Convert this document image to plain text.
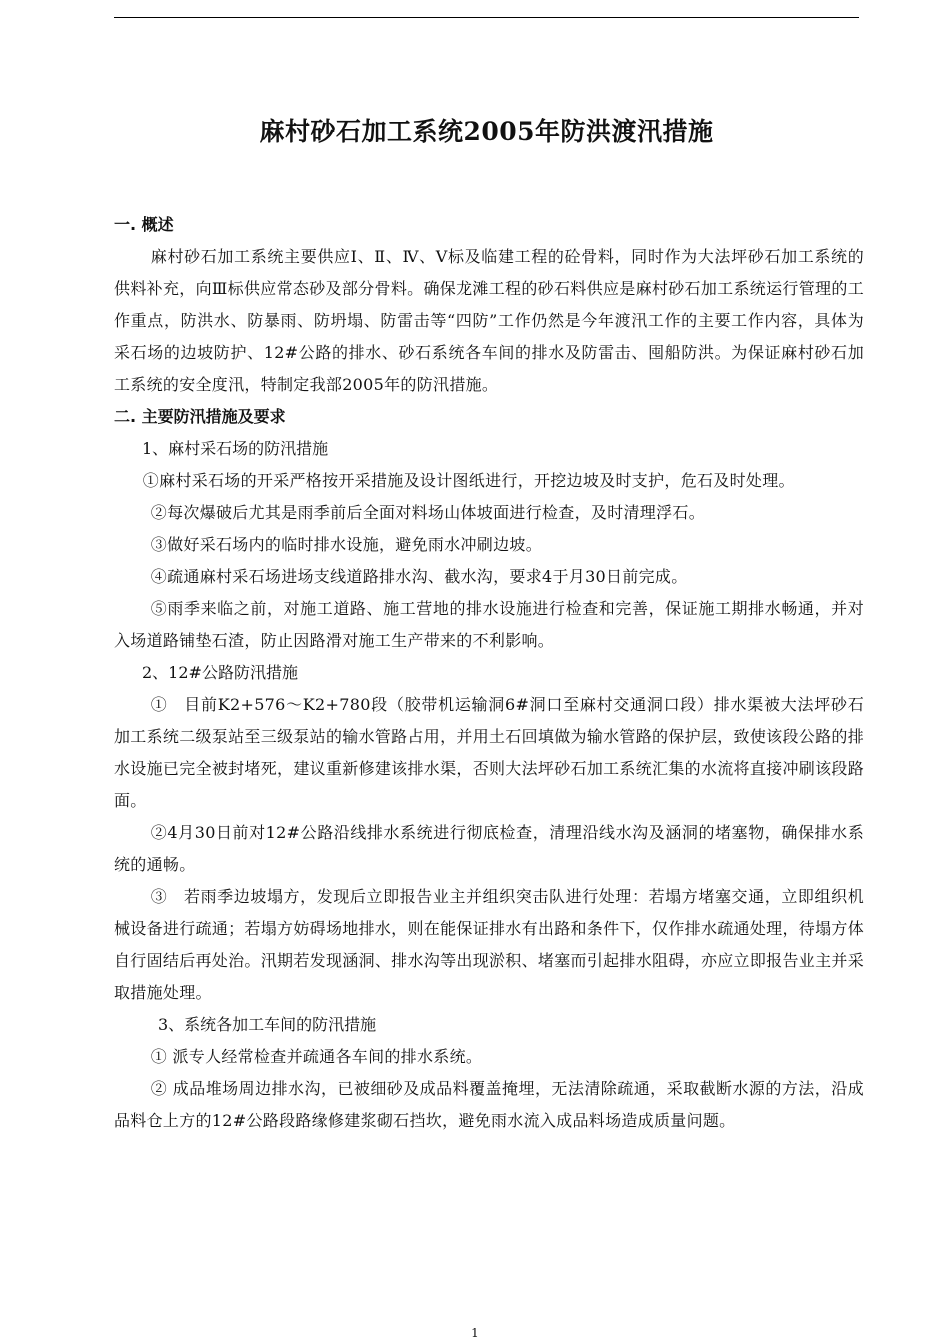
麻村砂石加工系统2005年防洪渡汛措施

一. 概述

麻村砂石加工系统主要供应Ⅰ、Ⅱ、Ⅳ、Ⅴ标及临建工程的砼骨料，同时作为大法坪砂石加工系统的供料补充，向Ⅲ标供应常态砂及部分骨料。确保龙滩工程的砂石料供应是麻村砂石加工系统运行管理的工作重点，防洪水、防暴雨、防坍塌、防雷击等“四防”工作仍然是今年渡汛工作的主要工作内容，具体为采石场的边坡防护、12#公路的排水、砂石系统各车间的排水及防雷击、囤船防洪。为保证麻村砂石加工系统的安全度汛，特制定我部2005年的防汛措施。

二. 主要防汛措施及要求

1、麻村采石场的防汛措施

①麻村采石场的开采严格按开采措施及设计图纸进行，开挖边坡及时支护，危石及时处理。

②每次爆破后尤其是雨季前后全面对料场山体坡面进行检查，及时清理浮石。

③做好采石场内的临时排水设施，避免雨水冲刷边坡。

④疏通麻村采石场进场支线道路排水沟、截水沟，要求4于月30日前完成。

⑤雨季来临之前，对施工道路、施工营地的排水设施进行检查和完善，保证施工期排水畅通，并对入场道路铺垫石渣，防止因路滑对施工生产带来的不利影响。

2、12#公路防汛措施

①　目前K2+576～K2+780段（胶带机运输洞6#洞口至麻村交通洞口段）排水渠被大法坪砂石加工系统二级泵站至三级泵站的输水管路占用，并用土石回填做为输水管路的保护层，致使该段公路的排水设施已完全被封堵死，建议重新修建该排水渠，否则大法坪砂石加工系统汇集的水流将直接冲刷该段路面。

②4月30日前对12#公路沿线排水系统进行彻底检查，清理沿线水沟及涵洞的堵塞物，确保排水系统的通畅。

③　若雨季边坡塌方，发现后立即报告业主并组织突击队进行处理：若塌方堵塞交通，立即组织机械设备进行疏通；若塌方妨碍场地排水，则在能保证排水有出路和条件下，仅作排水疏通处理，待塌方体自行固结后再处治。汛期若发现涵洞、排水沟等出现淤积、堵塞而引起排水阻碍，亦应立即报告业主并采取措施处理。

3、系统各加工车间的防汛措施

① 派专人经常检查并疏通各车间的排水系统。

② 成品堆场周边排水沟，已被细砂及成品料覆盖掩埋，无法清除疏通，采取截断水源的方法，沿成品料仓上方的12#公路段路缘修建浆砌石挡坎，避免雨水流入成品料场造成质量问题。

1
